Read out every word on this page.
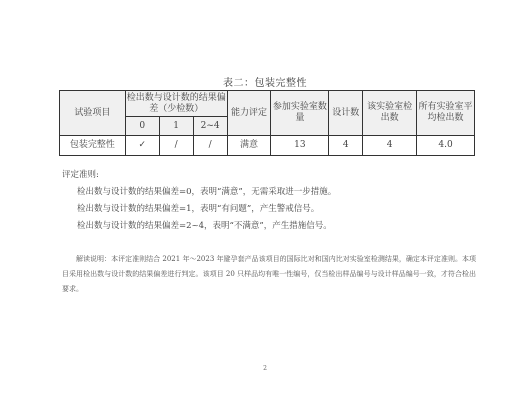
表二：包装完整性
试验项目	检出数与设计数的结果偏差（少检数）			能力评定	参加实验室数量	设计数	该实验室检出数	所有实验室平均检出数
	0	1	2~4					
包装完整性	✓	/	/	满意	13	4	4	4.0
评定准则:
检出数与设计数的结果偏差=0，表明“满意”，无需采取进一步措施。
检出数与设计数的结果偏差=1，表明“有问题”，产生警戒信号。
检出数与设计数的结果偏差=2~4，表明“不满意”，产生措施信号。
解读说明：本评定准则结合 2021 年～2023 年避孕套产品该项目的国际比对和国内比对实验室检测结果，确定本评定准则。本项目采用检出数与设计数的结果偏差进行判定。该项目 20 只样品均有唯一性编号，仅当检出样品编号与设计样品编号一致，才符合检出要求。
2
